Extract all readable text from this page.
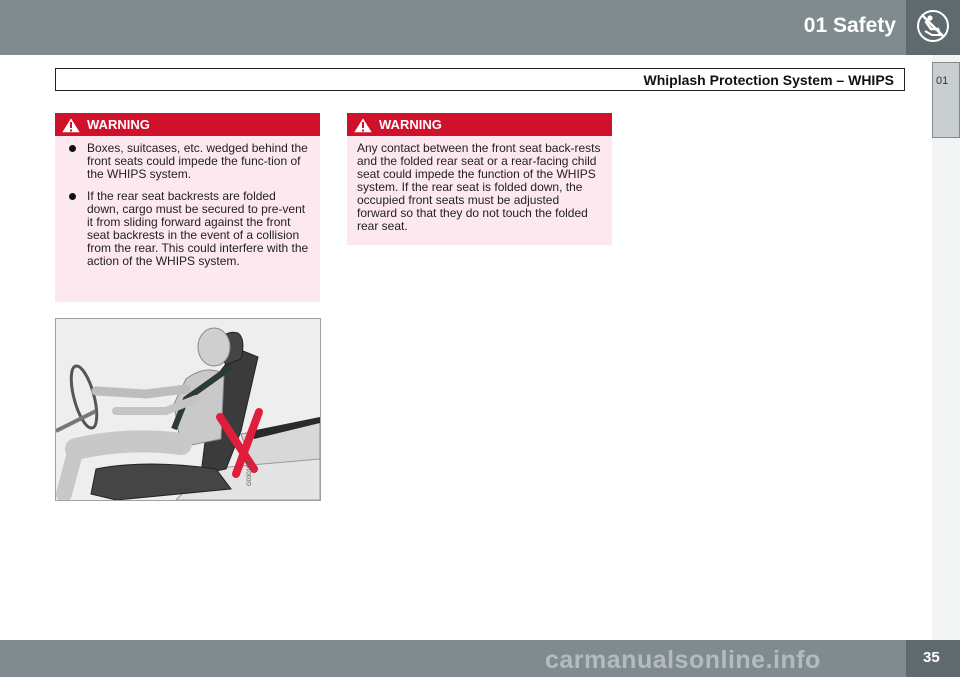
01 Safety
01
Whiplash Protection System – WHIPS
WARNING
Boxes, suitcases, etc. wedged behind the front seats could impede the func-tion of the WHIPS system.
If the rear seat backrests are folded down, cargo must be secured to pre-vent it from sliding forward against the front seat backrests in the event of a collision from the rear. This could interfere with the action of the WHIPS system.
WARNING
Any contact between the front seat back-rests and the folded rear seat or a rear-facing child seat could impede the function of the WHIPS system. If the rear seat is folded down, the occupied front seats must be adjusted forward so that they do not touch the folded rear seat.
G030193
carmanualsonline.info	35
